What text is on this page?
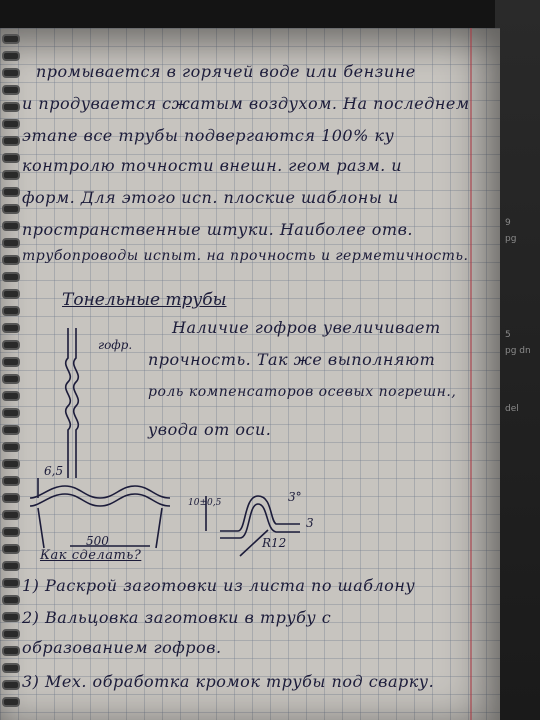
9
pg
5
pg dn
del
промывается в горячей воде или бензине
и продувается сжатым воздухом. На последнем
этапе все трубы подвергаются 100% ку
контролю точности внешн. геом разм. и
форм. Для этого исп. плоские шаблоны и
пространственные штуки. Наиболее отв.
трубопроводы испыт. на прочность и герметичность.
Тонельные трубы
гофр.
Наличие гофров увеличивает
прочность. Так же выполняют
роль компенсаторов осевых погрешн.,
увода от оси.
6,5
500
10±0,5	3°
3
R12
Как сделать?
1) Раскрой заготовки из листа по шаблону
2) Вальцовка заготовки в трубу с
образованием гофров.
3) Мех. обработка кромок трубы под сварку.
